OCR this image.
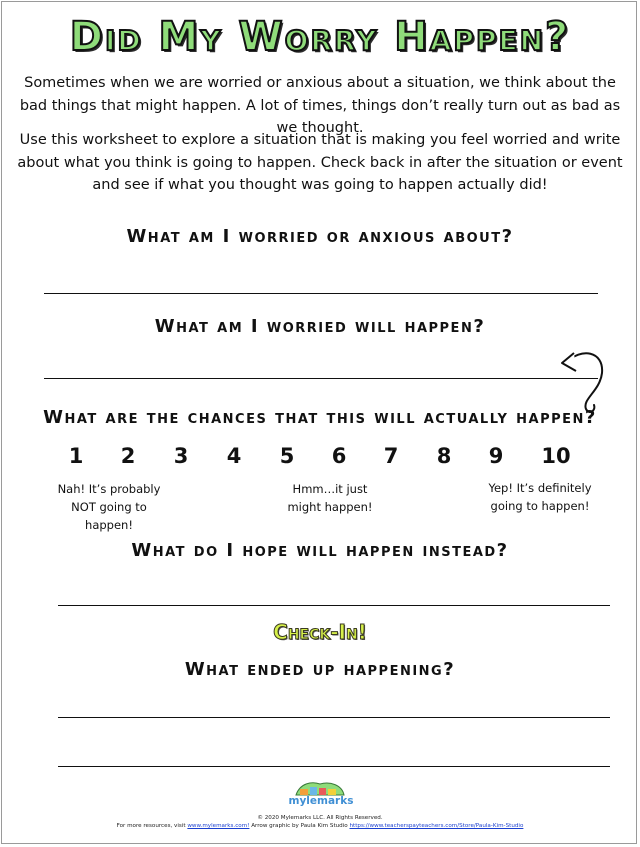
Did My Worry Happen?
Sometimes when we are worried or anxious about a situation, we think about the bad things that might happen. A lot of times, things don’t really turn out as bad as we thought.
Use this worksheet to explore a situation that is making you feel worried and write about what you think is going to happen. Check back in after the situation or event and see if what you thought was going to happen actually did!
What am I worried or anxious about?
What am I worried will happen?
What are the chances that this will actually happen?
1	2	3	4	5	6	7	8	9	10
Nah! It’s probably NOT going to happen!
Hmm…it just might happen!
Yep! It’s definitely going to happen!
What do I hope will happen instead?
Check-In!
What ended up happening?
mylemarks
© 2020 Mylemarks LLC. All Rights Reserved.
For more resources, visit www.mylemarks.com! Arrow graphic by Paula Kim Studio https://www.teacherspayteachers.com/Store/Paula-Kim-Studio
